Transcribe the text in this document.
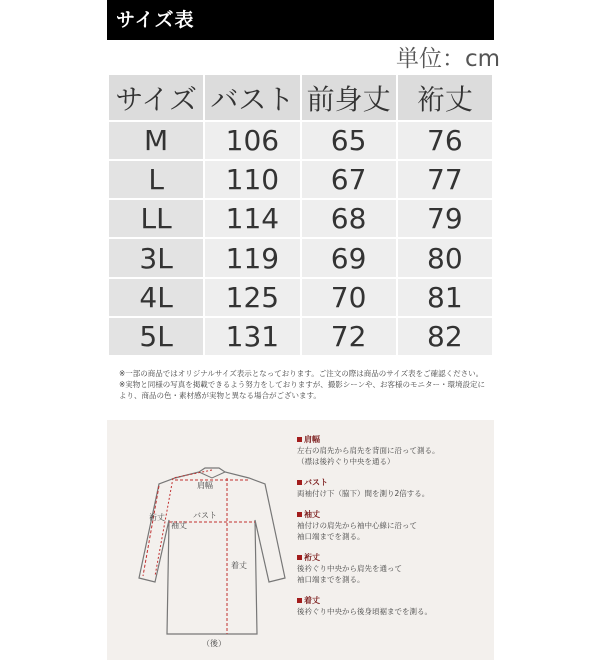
サイズ表
単位：cm
サイズ	バスト	前身丈	裄丈
M	106	65	76
L	110	67	77
LL	114	68	79
3L	119	69	80
4L	125	70	81
5L	131	72	82

※一部の商品ではオリジナルサイズ表示となっております。ご注文の際は商品のサイズ表をご確認ください。

※実物と同様の写真を掲載できるよう努力をしておりますが、撮影シーンや、お客様のモニター・環境設定に

より、商品の色・素材感が実物と異なる場合がございます。

肩幅
バスト
裄丈
袖丈
着丈
（後）
肩幅
左右の肩先から肩先を背面に沿って測る。
（襟は後衿ぐり中央を通る）
バスト
両袖付け下（脇下）間を測り2倍する。
袖丈
袖付けの肩先から袖中心線に沿って
袖口端までを測る。
裄丈
後衿ぐり中央から肩先を通って
袖口端までを測る。
着丈
後衿ぐり中央から後身頃裾までを測る。
